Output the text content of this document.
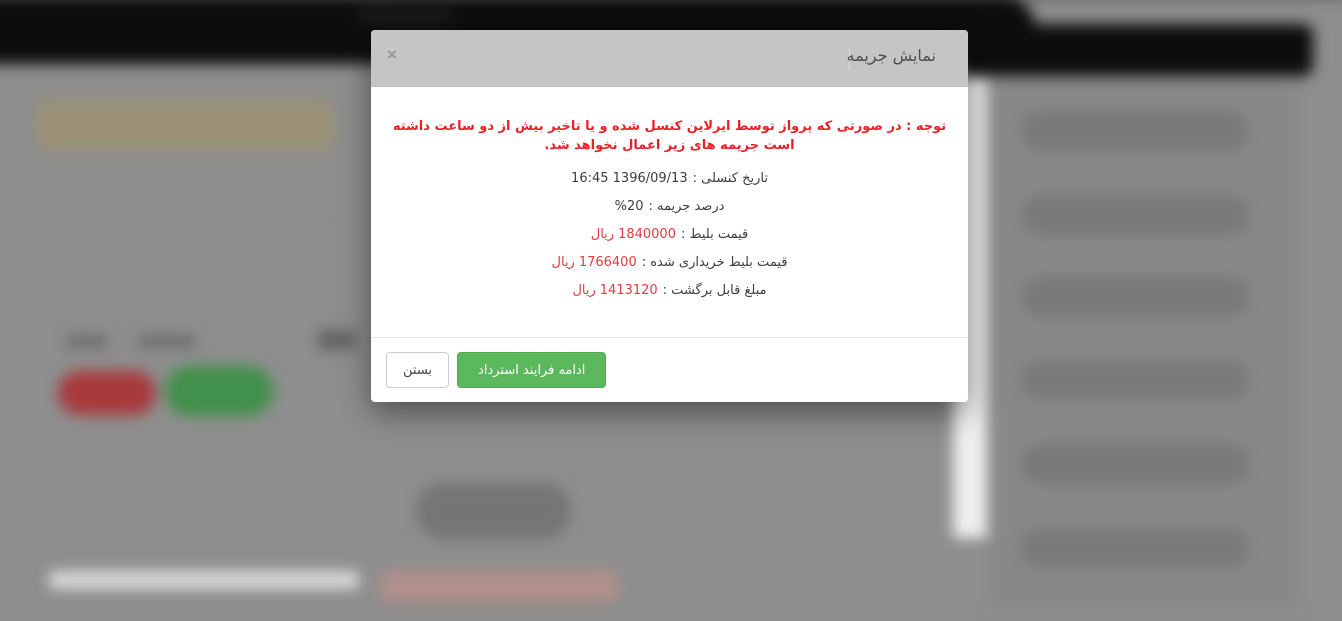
×	نمایش جریمه

توجه : در صورتی که پرواز توسط ایرلاین کنسل شده و یا تاخیر بیش از دو ساعت داشته است جریمه های زیر اعمال نخواهد شد.

تاریخ کنسلی :1396/09/13 16:45
درصد جریمه :20%
قیمت بلیط :1840000ریال
قیمت بلیط خریداری شده :1766400ریال
مبلغ قابل برگشت :1413120ریال
بستن	ادامه فرایند استرداد
